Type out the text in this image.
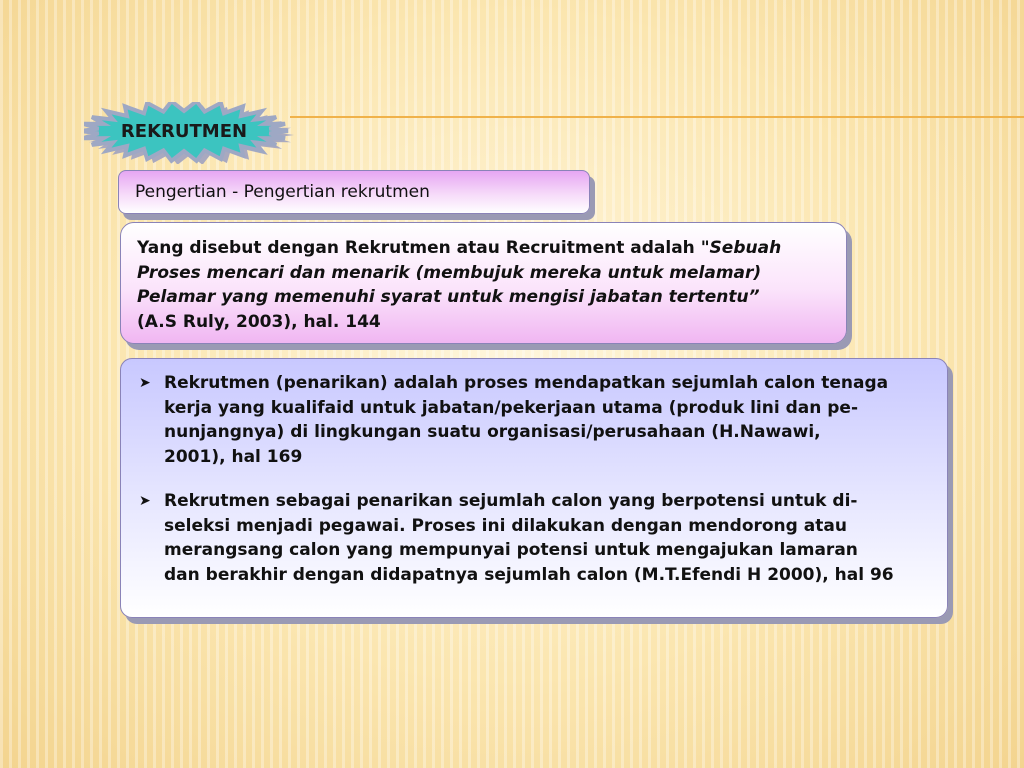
REKRUTMEN
Pengertian - Pengertian rekrutmen
Yang disebut dengan Rekrutmen atau Recruitment adalah "Sebuah Proses mencari dan menarik (membujuk mereka untuk melamar) Pelamar yang memenuhi syarat untuk mengisi jabatan tertentu”
(A.S Ruly, 2003), hal. 144
➤ Rekrutmen (penarikan) adalah proses mendapatkan sejumlah calon tenaga
kerja yang kualifaid untuk jabatan/pekerjaan utama (produk lini dan pe-
nunjangnya) di lingkungan suatu organisasi/perusahaan (H.Nawawi,
2001), hal 169
➤ Rekrutmen sebagai penarikan sejumlah calon yang berpotensi untuk di-
seleksi menjadi pegawai. Proses ini dilakukan dengan mendorong atau
merangsang calon yang mempunyai potensi untuk mengajukan lamaran
dan berakhir dengan didapatnya sejumlah calon (M.T.Efendi H 2000), hal 96
